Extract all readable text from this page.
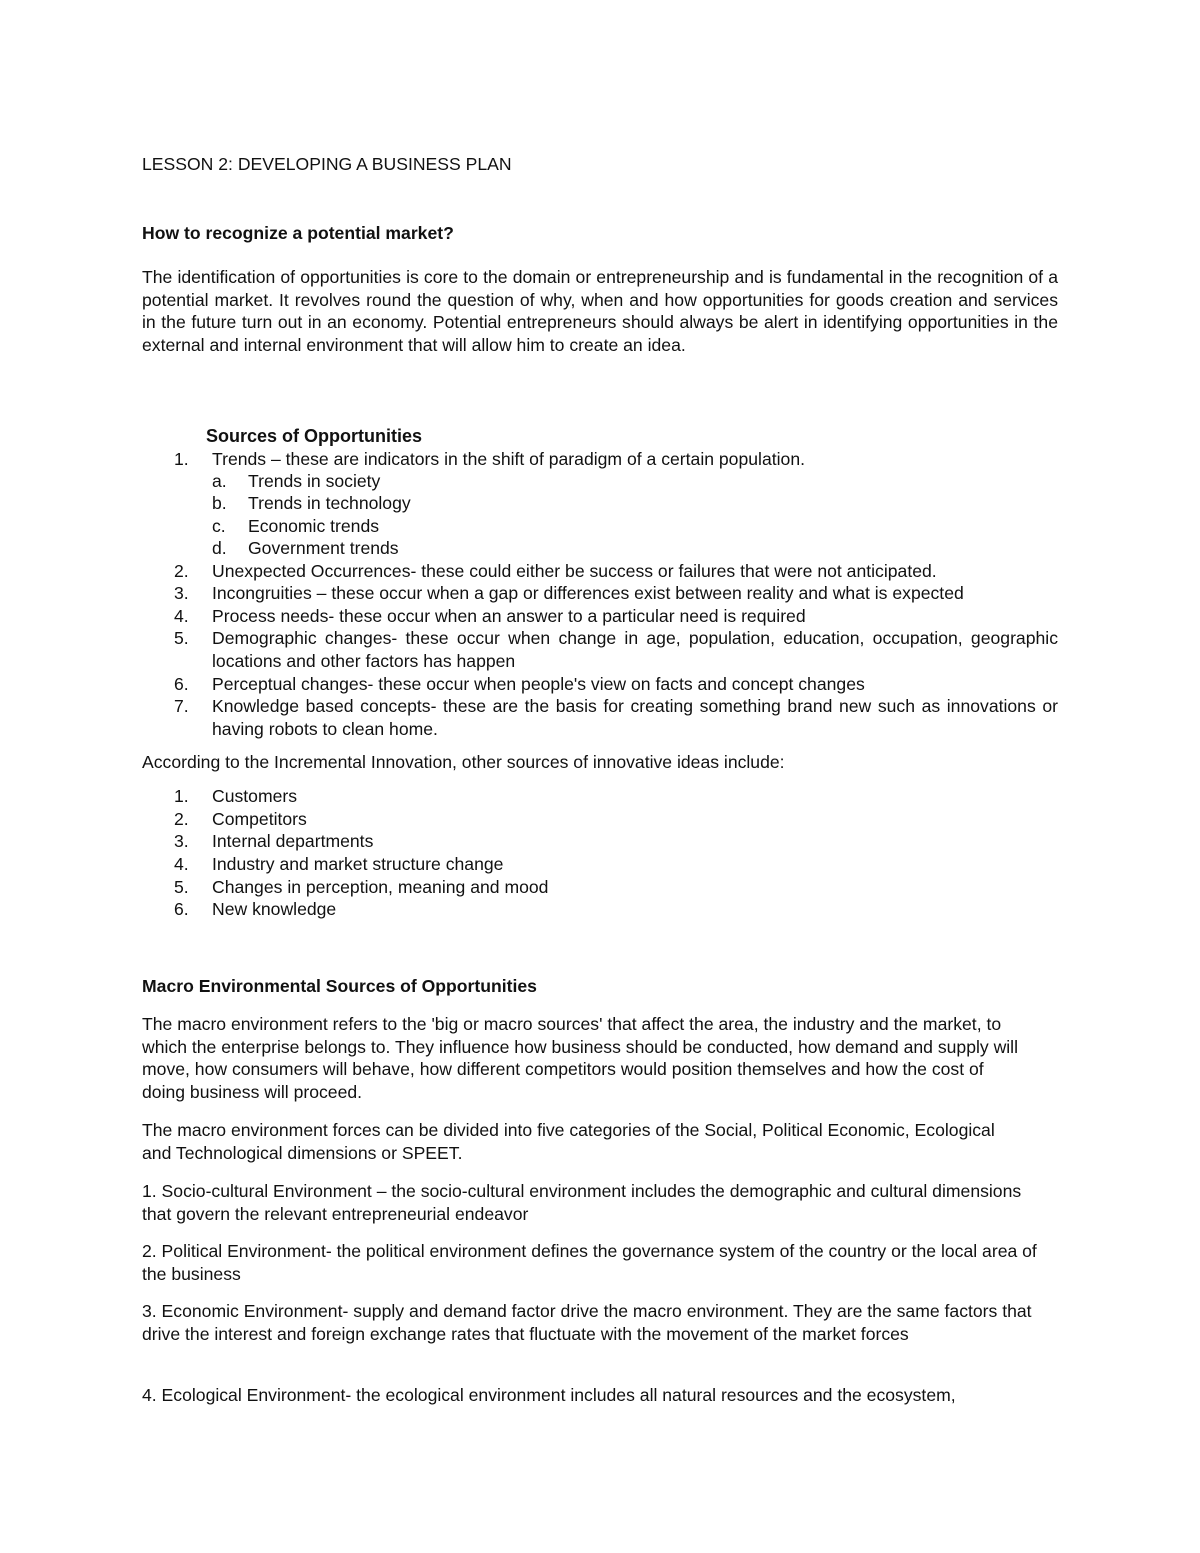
LESSON 2: DEVELOPING A BUSINESS PLAN
How to recognize a potential market?
The identification of opportunities is core to the domain or entrepreneurship and is fundamental in the recognition of a potential market. It revolves round the question of why, when and how opportunities for goods creation and services in the future turn out in an economy. Potential entrepreneurs should always be alert in identifying opportunities in the external and internal environment that will allow him to create an idea.
Sources of Opportunities
1.	Trends – these are indicators in the shift of paradigm of a certain population.
a.	Trends in society
b.	Trends in technology
c.	Economic trends
d.	Government trends
2.	Unexpected Occurrences- these could either be success or failures that were not anticipated.
3.	Incongruities – these occur when a gap or differences exist between reality and what is expected
4.	Process needs- these occur when an answer to a particular need is required
5.	Demographic changes- these occur when change in age, population, education, occupation, geographic locations and other factors has happen
6.	Perceptual changes- these occur when people's view on facts and concept changes
7.	Knowledge based concepts- these are the basis for creating something brand new such as innovations or having robots to clean home.
According to the Incremental Innovation, other sources of innovative ideas include:
1.	Customers
2.	Competitors
3.	Internal departments
4.	Industry and market structure change
5.	Changes in perception, meaning and mood
6.	New knowledge
Macro Environmental Sources of Opportunities
The macro environment refers to the 'big or macro sources' that affect the area, the industry and the market, to which the enterprise belongs to. They influence how business should be conducted, how demand and supply will move, how consumers will behave, how different competitors would position themselves and how the cost of doing business will proceed.
The macro environment forces can be divided into five categories of the Social, Political Economic, Ecological and Technological dimensions or SPEET.
1. Socio-cultural Environment – the socio-cultural environment includes the demographic and cultural dimensions that govern the relevant entrepreneurial endeavor
2. Political Environment- the political environment defines the governance system of the country or the local area of the business
3. Economic Environment- supply and demand factor drive the macro environment. They are the same factors that drive the interest and foreign exchange rates that fluctuate with the movement of the market forces
4. Ecological Environment- the ecological environment includes all natural resources and the ecosystem,
